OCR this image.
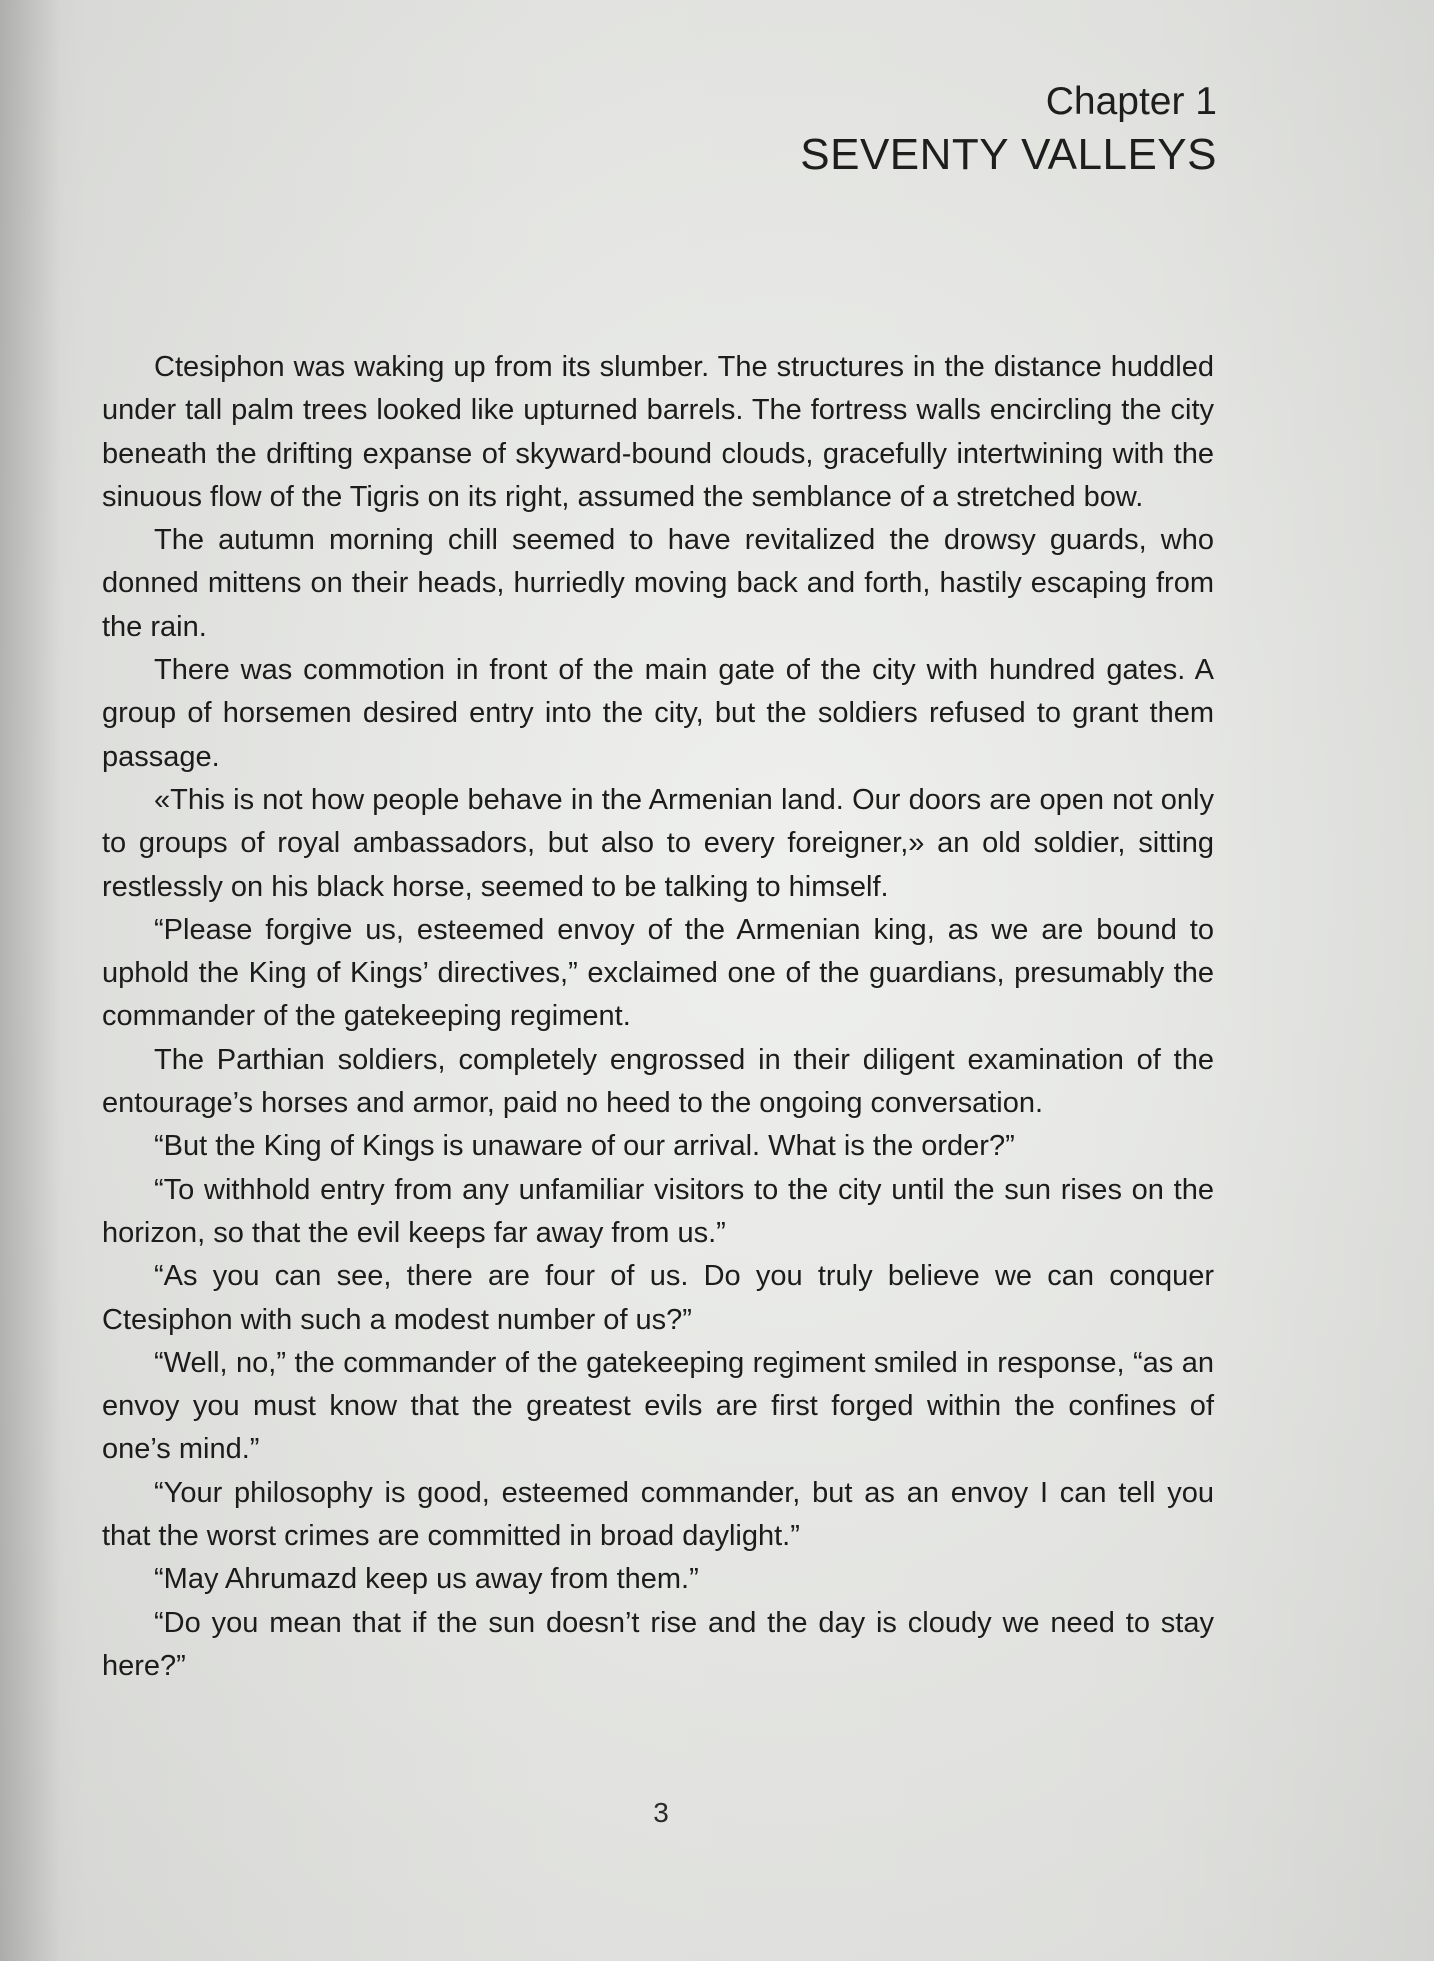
Chapter 1
SEVENTY VALLEYS

Ctesiphon was waking up from its slumber. The structures in the distance huddled under tall palm trees looked like upturned barrels. The fortress walls encircling the city beneath the drifting expanse of skyward-bound clouds, gracefully intertwining with the sinuous flow of the Tigris on its right, assumed the semblance of a stretched bow.

The autumn morning chill seemed to have revitalized the drowsy guards, who donned mittens on their heads, hurriedly moving back and forth, hastily escaping from the rain.

There was commotion in front of the main gate of the city with hundred gates. A group of horsemen desired entry into the city, but the soldiers refused to grant them passage.

«This is not how people behave in the Armenian land. Our doors are open not only to groups of royal ambassadors, but also to every foreigner,» an old soldier, sitting restlessly on his black horse, seemed to be talking to himself.

“Please forgive us, esteemed envoy of the Armenian king, as we are bound to uphold the King of Kings’ directives,” exclaimed one of the guardians, presumably the commander of the gatekeeping regiment.

The Parthian soldiers, completely engrossed in their diligent examination of the entourage’s horses and armor, paid no heed to the ongoing conversation.

“But the King of Kings is unaware of our arrival. What is the order?”

“To withhold entry from any unfamiliar visitors to the city until the sun rises on the horizon, so that the evil keeps far away from us.”

“As you can see, there are four of us. Do you truly believe we can conquer Ctesiphon with such a modest number of us?”

“Well, no,” the commander of the gatekeeping regiment smiled in response, “as an envoy you must know that the greatest evils are first forged within the confines of one’s mind.”

“Your philosophy is good, esteemed commander, but as an envoy I can tell you that the worst crimes are committed in broad daylight.”

“May Ahrumazd keep us away from them.”

“Do you mean that if the sun doesn’t rise and the day is cloudy we need to stay here?”

3
